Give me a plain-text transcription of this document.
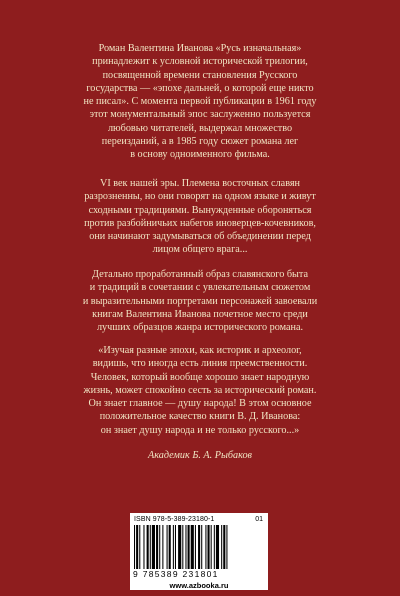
Роман Валентина Иванова «Русь изначальная»
принадлежит к условной исторической трилогии,
посвященной времени становления Русского
государства — «эпохе дальней, о которой еще никто
не писал». С момента первой публикации в 1961 году
этот монументальный эпос заслуженно пользуется
любовью читателей, выдержал множество
переизданий, а в 1985 году сюжет романа лег
в основу одноименного фильма.

VI век нашей эры. Племена восточных славян
разрозненны, но они говорят на одном языке и живут
сходными традициями. Вынужденные обороняться
против разбойничьих набегов иноверцев-кочевников,
они начинают задумываться об объединении перед
лицом общего врага...

Детально проработанный образ славянского быта
и традиций в сочетании с увлекательным сюжетом
и выразительными портретами персонажей завоевали
книгам Валентина Иванова почетное место среди
лучших образцов жанра исторического романа.

«Изучая разные эпохи, как историк и археолог,
видишь, что иногда есть линия преемственности.
Человек, который вообще хорошо знает народную
жизнь, может спокойно сесть за исторический роман.
Он знает главное — душу народа! В этом основное
положительное качество книги В. Д. Иванова:
он знает душу народа и не только русского...»

Академик Б. А. Рыбаков

ISBN 978-5-389-23180-1	01
9 785389 231801
www.azbooka.ru
